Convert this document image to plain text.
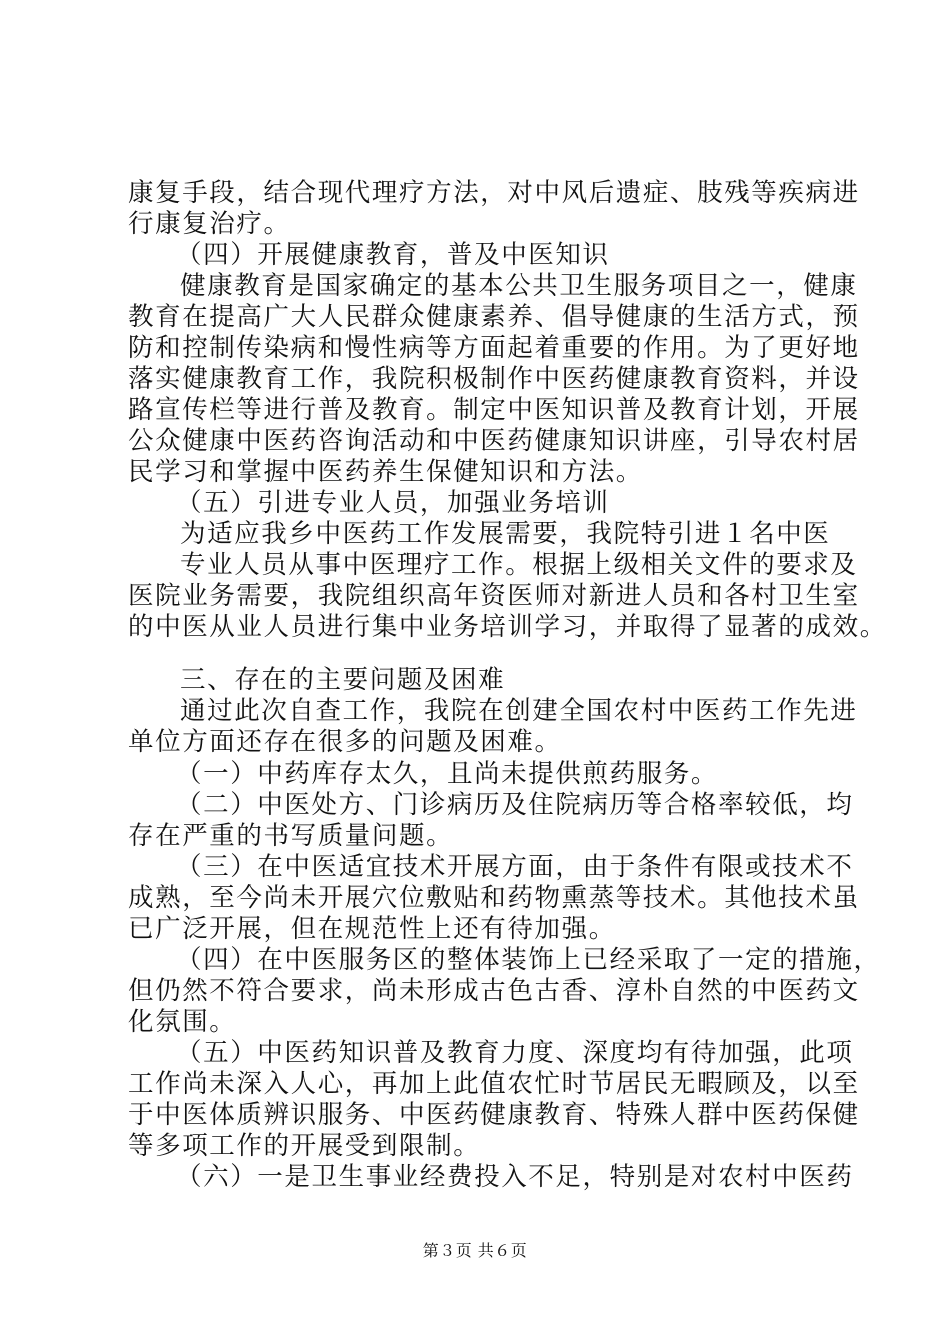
康复手段，结合现代理疗方法，对中风后遗症、肢残等疾病进
行康复治疗。
（四）开展健康教育，普及中医知识
健康教育是国家确定的基本公共卫生服务项目之一，健康
教育在提高广大人民群众健康素养、倡导健康的生活方式，预
防和控制传染病和慢性病等方面起着重要的作用。为了更好地
落实健康教育工作，我院积极制作中医药健康教育资料，并设
路宣传栏等进行普及教育。制定中医知识普及教育计划，开展
公众健康中医药咨询活动和中医药健康知识讲座，引导农村居
民学习和掌握中医药养生保健知识和方法。
（五）引进专业人员，加强业务培训
为适应我乡中医药工作发展需要，我院特引进１名中医
专业人员从事中医理疗工作。根据上级相关文件的要求及
医院业务需要，我院组织高年资医师对新进人员和各村卫生室
的中医从业人员进行集中业务培训学习，并取得了显著的成效。
三、存在的主要问题及困难
通过此次自查工作，我院在创建全国农村中医药工作先进
单位方面还存在很多的问题及困难。
（一）中药库存太久，且尚未提供煎药服务。
（二）中医处方、门诊病历及住院病历等合格率较低，均
存在严重的书写质量问题。
（三）在中医适宜技术开展方面，由于条件有限或技术不
成熟，至今尚未开展穴位敷贴和药物熏蒸等技术。其他技术虽
已广泛开展，但在规范性上还有待加强。
（四）在中医服务区的整体装饰上已经采取了一定的措施，
但仍然不符合要求，尚未形成古色古香、淳朴自然的中医药文
化氛围。
（五）中医药知识普及教育力度、深度均有待加强，此项
工作尚未深入人心，再加上此值农忙时节居民无暇顾及，以至
于中医体质辨识服务、中医药健康教育、特殊人群中医药保健
等多项工作的开展受到限制。
（六）一是卫生事业经费投入不足，特别是对农村中医药
第３页 共６页
